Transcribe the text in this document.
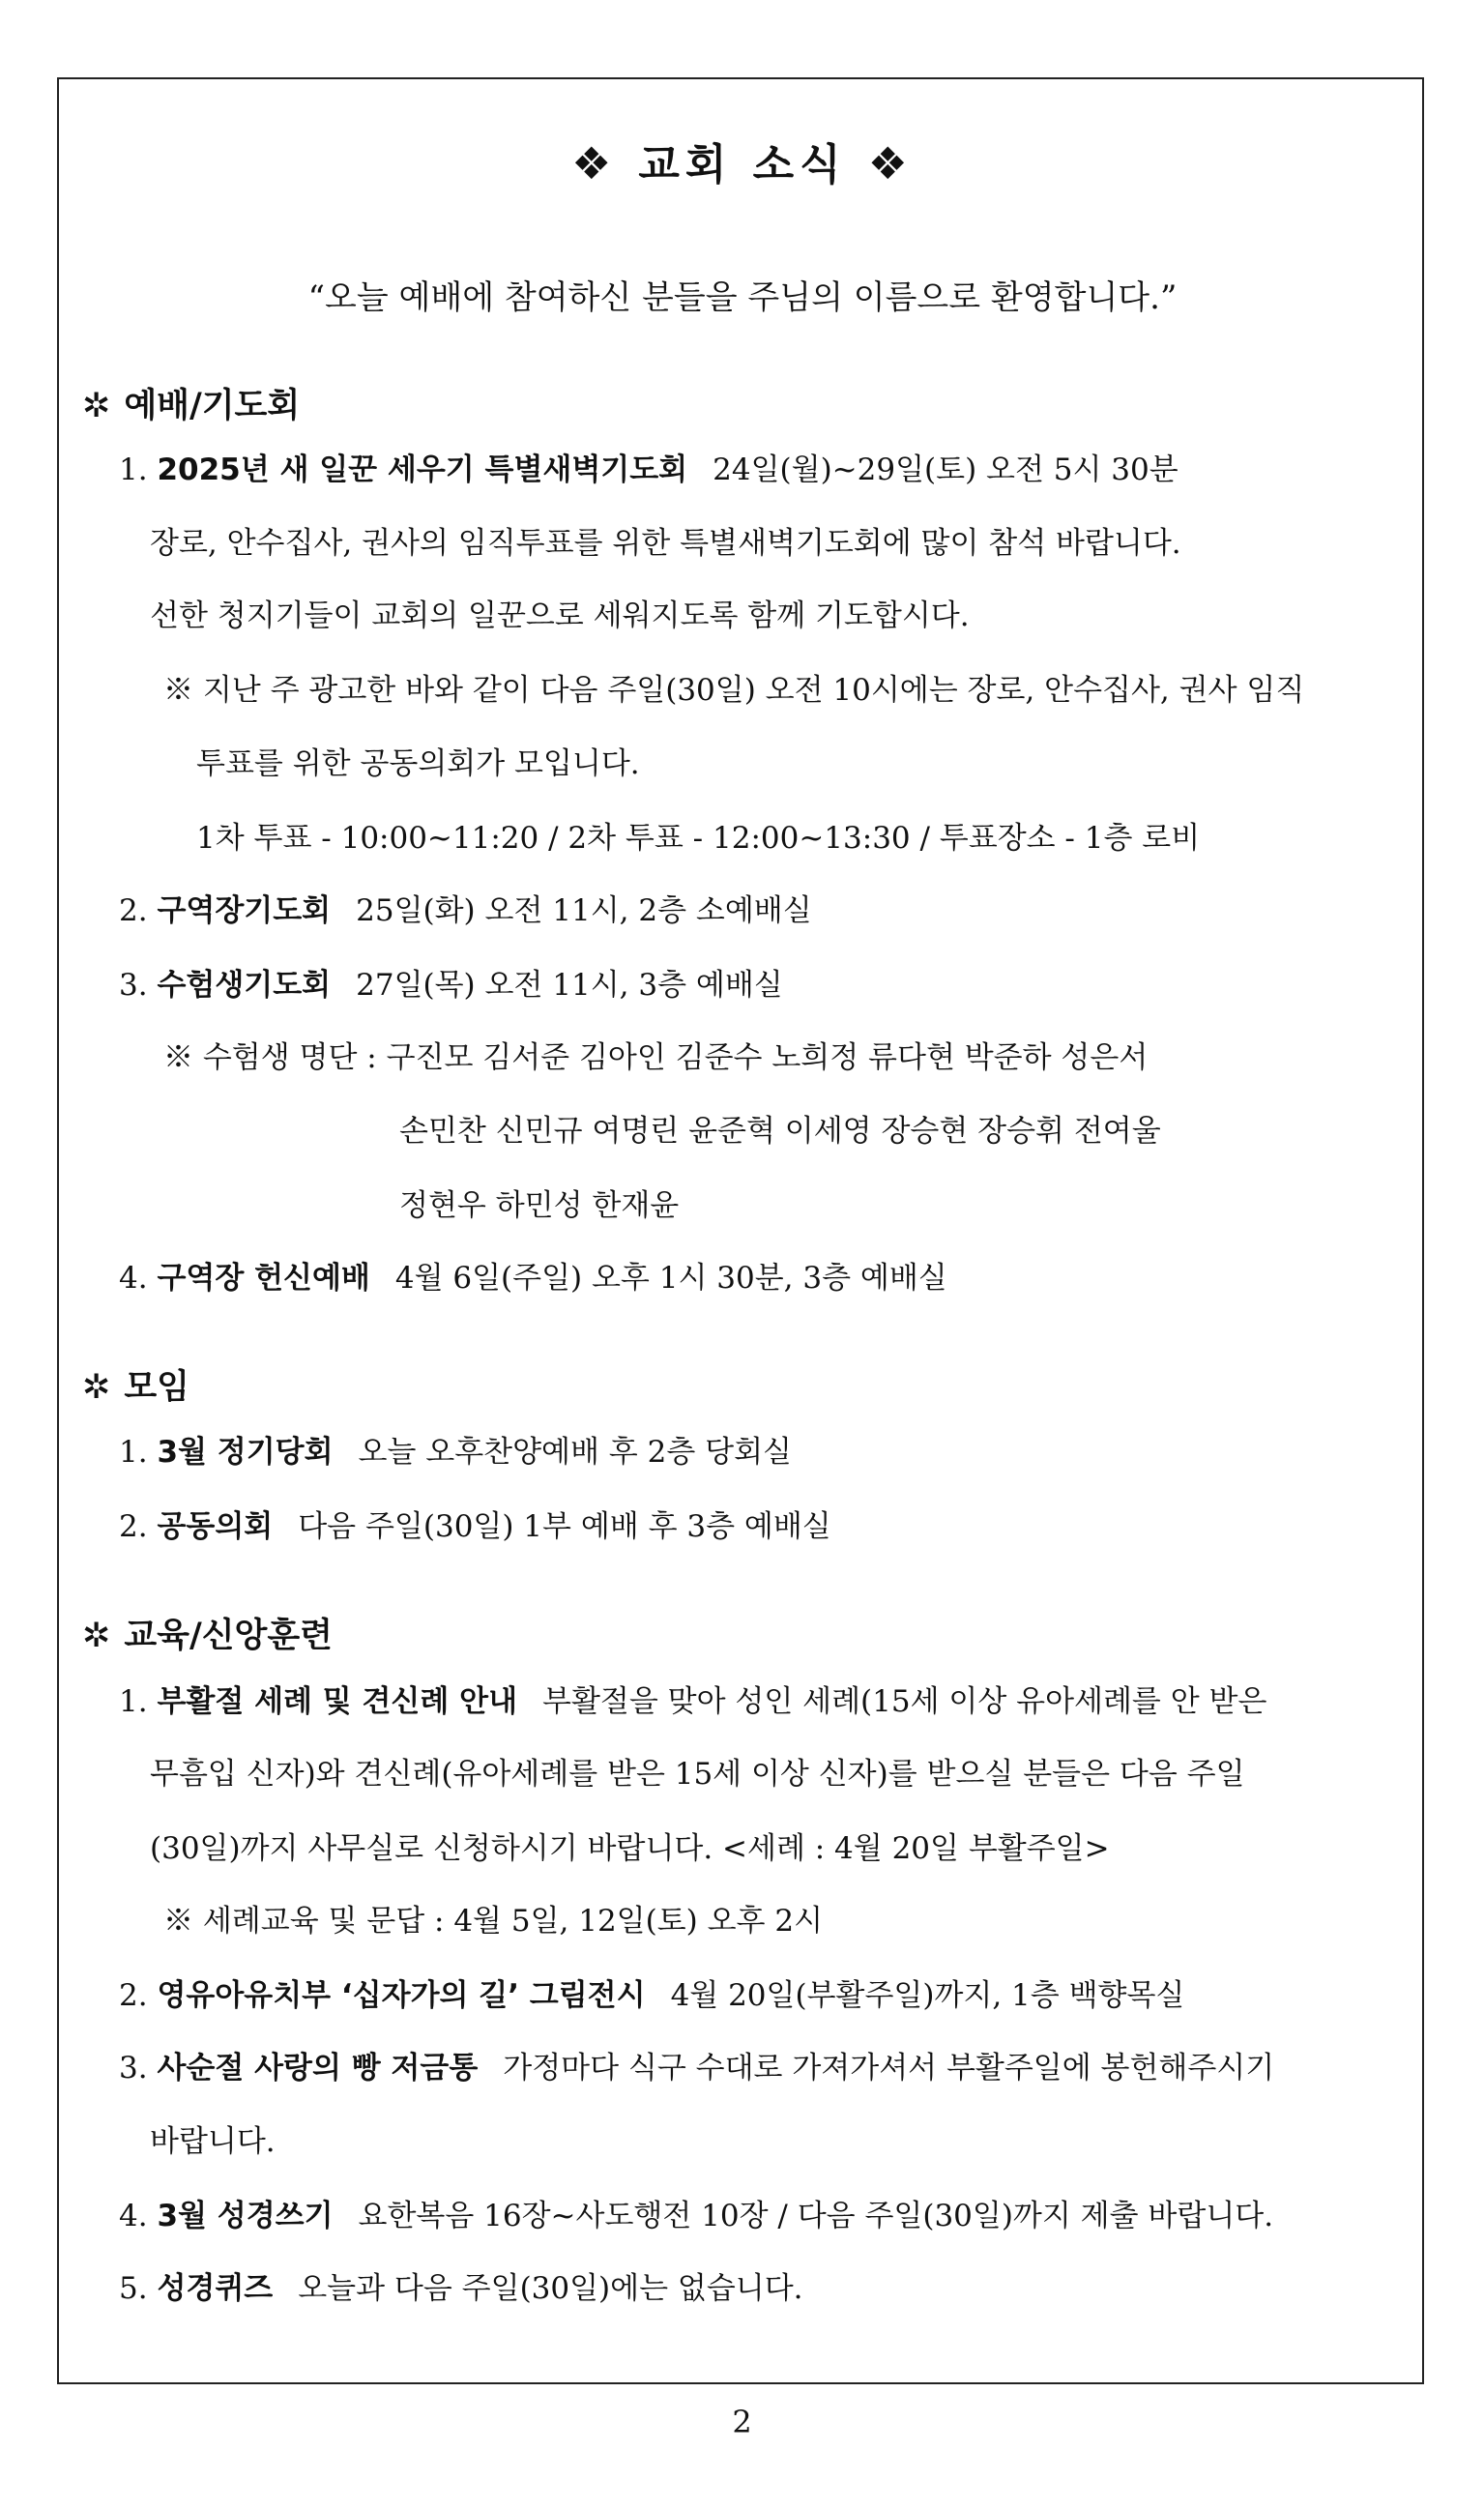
❖ 교회 소식 ❖
“오늘 예배에 참여하신 분들을 주님의 이름으로 환영합니다.”
✲ 예배/기도회
1. 2025년 새 일꾼 세우기 특별새벽기도회 24일(월)~29일(토) 오전 5시 30분
장로, 안수집사, 권사의 임직투표를 위한 특별새벽기도회에 많이 참석 바랍니다.
선한 청지기들이 교회의 일꾼으로 세워지도록 함께 기도합시다.
※ 지난 주 광고한 바와 같이 다음 주일(30일) 오전 10시에는 장로, 안수집사, 권사 임직
투표를 위한 공동의회가 모입니다.
1차 투표 - 10:00~11:20 / 2차 투표 - 12:00~13:30 / 투표장소 - 1층 로비
2. 구역장기도회 25일(화) 오전 11시, 2층 소예배실
3. 수험생기도회 27일(목) 오전 11시, 3층 예배실
※ 수험생 명단 : 구진모 김서준 김아인 김준수 노희정 류다현 박준하 성은서
손민찬 신민규 여명린 윤준혁 이세영 장승현 장승휘 전여울
정현우 하민성 한재윤
4. 구역장 헌신예배 4월 6일(주일) 오후 1시 30분, 3층 예배실
✲ 모임
1. 3월 정기당회 오늘 오후찬양예배 후 2층 당회실
2. 공동의회 다음 주일(30일) 1부 예배 후 3층 예배실
✲ 교육/신앙훈련
1. 부활절 세례 및 견신례 안내 부활절을 맞아 성인 세례(15세 이상 유아세례를 안 받은
무흠입 신자)와 견신례(유아세례를 받은 15세 이상 신자)를 받으실 분들은 다음 주일
(30일)까지 사무실로 신청하시기 바랍니다. <세례 : 4월 20일 부활주일>
※ 세례교육 및 문답 : 4월 5일, 12일(토) 오후 2시
2. 영유아유치부 ‘십자가의 길’ 그림전시 4월 20일(부활주일)까지, 1층 백향목실
3. 사순절 사랑의 빵 저금통 가정마다 식구 수대로 가져가셔서 부활주일에 봉헌해주시기
바랍니다.
4. 3월 성경쓰기 요한복음 16장~사도행전 10장 / 다음 주일(30일)까지 제출 바랍니다.
5. 성경퀴즈 오늘과 다음 주일(30일)에는 없습니다.
2
